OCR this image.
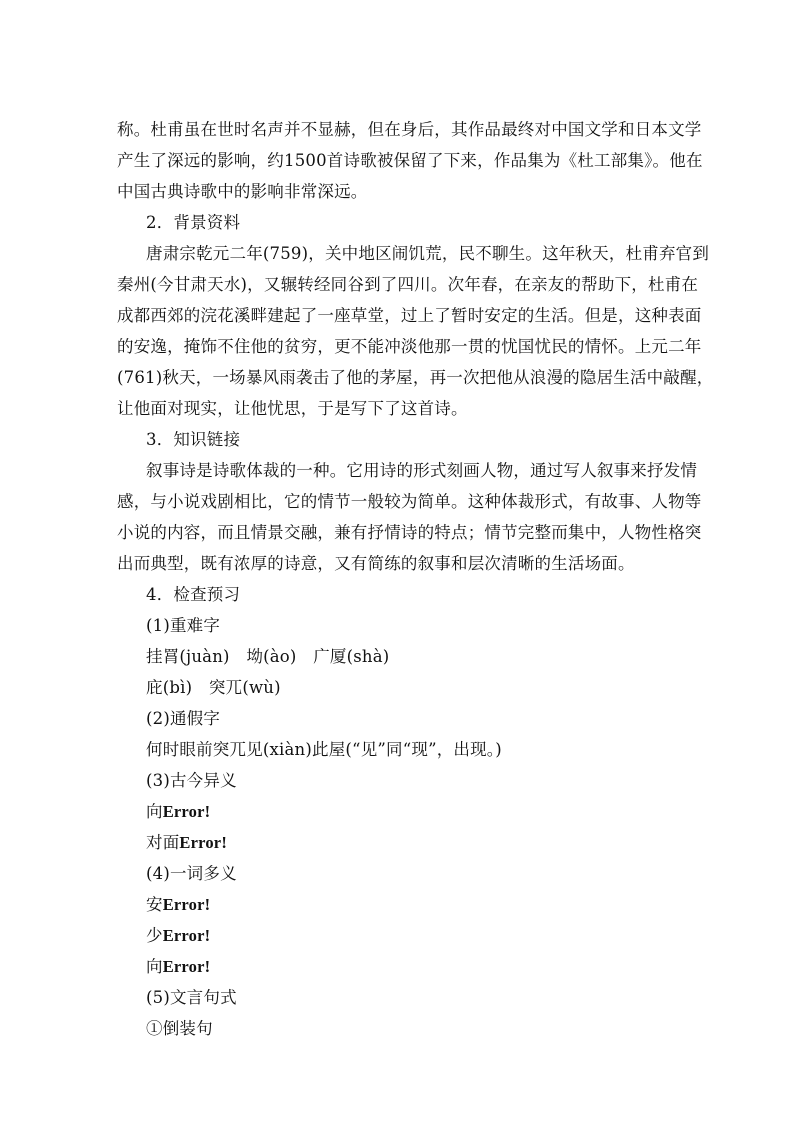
称。杜甫虽在世时名声并不显赫，但在身后，其作品最终对中国文学和日本文学

产生了深远的影响，约1500首诗歌被保留了下来，作品集为《杜工部集》。他在

中国古典诗歌中的影响非常深远。

2．背景资料

唐肃宗乾元二年(759)，关中地区闹饥荒，民不聊生。这年秋天，杜甫弃官到

秦州(今甘肃天水)，又辗转经同谷到了四川。次年春，在亲友的帮助下，杜甫在

成都西郊的浣花溪畔建起了一座草堂，过上了暂时安定的生活。但是，这种表面

的安逸，掩饰不住他的贫穷，更不能冲淡他那一贯的忧国忧民的情怀。上元二年

(761)秋天，一场暴风雨袭击了他的茅屋，再一次把他从浪漫的隐居生活中敲醒，

让他面对现实，让他忧思，于是写下了这首诗。

3．知识链接

叙事诗是诗歌体裁的一种。它用诗的形式刻画人物，通过写人叙事来抒发情

感，与小说戏剧相比，它的情节一般较为简单。这种体裁形式，有故事、人物等

小说的内容，而且情景交融，兼有抒情诗的特点；情节完整而集中，人物性格突

出而典型，既有浓厚的诗意，又有简练的叙事和层次清晰的生活场面。

4．检查预习

(1)重难字

挂罥(juàn)　坳(ào)　广厦(shà)

庇(bì)　突兀(wù)

(2)通假字

何时眼前突兀见(xiàn)此屋(“见”同“现”，出现。)

(3)古今异义

向Error!

对面Error!

(4)一词多义

安Error!

少Error!

向Error!

(5)文言句式

①倒装句
